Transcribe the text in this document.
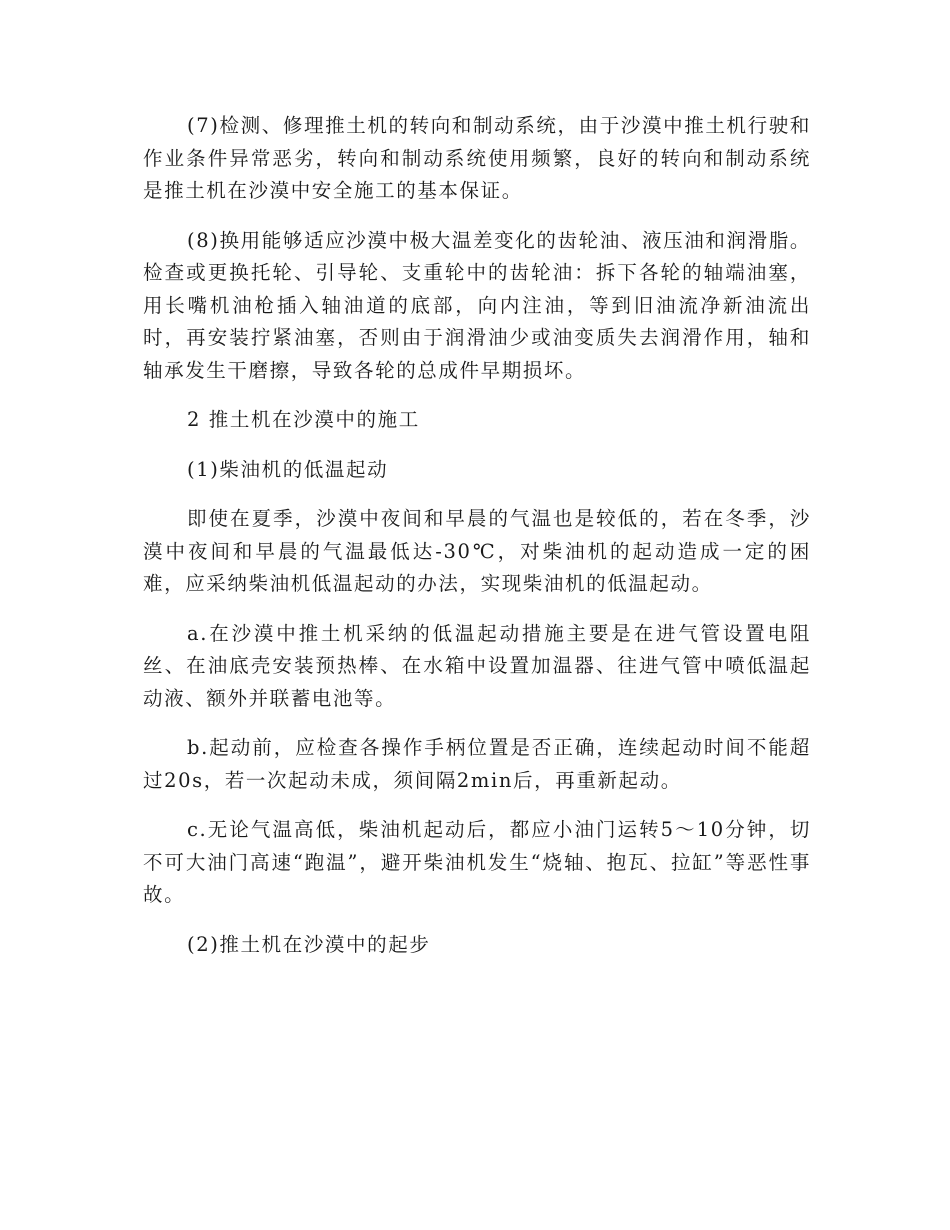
(7)检测、修理推土机的转向和制动系统，由于沙漠中推土机行驶和作业条件异常恶劣，转向和制动系统使用频繁，良好的转向和制动系统是推土机在沙漠中安全施工的基本保证。

(8)换用能够适应沙漠中极大温差变化的齿轮油、液压油和润滑脂。检查或更换托轮、引导轮、支重轮中的齿轮油：拆下各轮的轴端油塞，用长嘴机油枪插入轴油道的底部，向内注油，等到旧油流净新油流出时，再安装拧紧油塞，否则由于润滑油少或油变质失去润滑作用，轴和轴承发生干磨擦，导致各轮的总成件早期损坏。

2 推土机在沙漠中的施工

(1)柴油机的低温起动

即使在夏季，沙漠中夜间和早晨的气温也是较低的，若在冬季，沙漠中夜间和早晨的气温最低达-30℃，对柴油机的起动造成一定的困难，应采纳柴油机低温起动的办法，实现柴油机的低温起动。

a.在沙漠中推土机采纳的低温起动措施主要是在进气管设置电阻丝、在油底壳安装预热棒、在水箱中设置加温器、往进气管中喷低温起动液、额外并联蓄电池等。

b.起动前，应检查各操作手柄位置是否正确，连续起动时间不能超过20s，若一次起动未成，须间隔2min后，再重新起动。

c.无论气温高低，柴油机起动后，都应小油门运转5～10分钟，切不可大油门高速“跑温”，避开柴油机发生“烧轴、抱瓦、拉缸”等恶性事故。

(2)推土机在沙漠中的起步
